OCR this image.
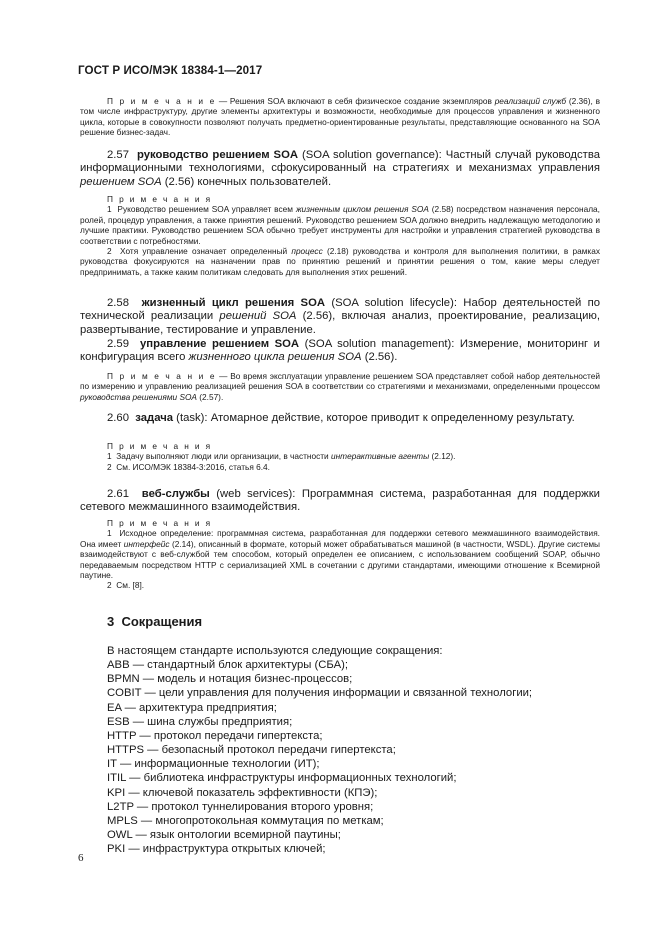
ГОСТ Р ИСО/МЭК 18384-1—2017
П р и м е ч а н и е — Решения SOA включают в себя физическое создание экземпляров реализаций служб (2.36), в том числе инфраструктуру, другие элементы архитектуры и возможности, необходимые для процессов управления и жизненного цикла, которые в совокупности позволяют получать предметно-ориентированные результаты, представляющие основанного на SOA решение бизнес-задач.
2.57 руководство решением SOA (SOA solution governance): Частный случай руководства информационными технологиями, сфокусированный на стратегиях и механизмах управления решением SOA (2.56) конечных пользователей.
П р и м е ч а н и я
1 Руководство решением SOA управляет всем жизненным циклом решения SOA (2.58) посредством назначения персонала, ролей, процедур управления, а также принятия решений. Руководство решением SOA должно внедрить надлежащую методологию и лучшие практики. Руководство решением SOA обычно требует инструменты для настройки и управления стратегией руководства в соответствии с потребностями.
2 Хотя управление означает определенный процесс (2.18) руководства и контроля для выполнения политики, в рамках руководства фокусируются на назначении прав по принятию решений и принятии решения о том, какие меры следует предпринимать, а также каким политикам следовать для выполнения этих решений.
2.58 жизненный цикл решения SOA (SOA solution lifecycle): Набор деятельностей по технической реализации решений SOA (2.56), включая анализ, проектирование, реализацию, развертывание, тестирование и управление.
2.59 управление решением SOA (SOA solution management): Измерение, мониторинг и конфигурация всего жизненного цикла решения SOA (2.56).
П р и м е ч а н и е — Во время эксплуатации управление решением SOA представляет собой набор деятельностей по измерению и управлению реализацией решения SOA в соответствии со стратегиями и механизмами, определенными процессом руководства решениями SOA (2.57).
2.60 задача (task): Атомарное действие, которое приводит к определенному результату.
П р и м е ч а н и я
1 Задачу выполняют люди или организации, в частности интерактивные агенты (2.12).
2 См. ИСО/МЭК 18384-3:2016, статья 6.4.
2.61 веб-службы (web services): Программная система, разработанная для поддержки сетевого межмашинного взаимодействия.
П р и м е ч а н и я
1 Исходное определение: программная система, разработанная для поддержки сетевого межмашинного взаимодействия. Она имеет интерфейс (2.14), описанный в формате, который может обрабатываться машиной (в частности, WSDL). Другие системы взаимодействуют с веб-службой тем способом, который определен ее описанием, с использованием сообщений SOAP, обычно передаваемым посредством HTTP с сериализацией XML в сочетании с другими стандартами, имеющими отношение к Всемирной паутине.
2 См. [8].
3 Сокращения
В настоящем стандарте используются следующие сокращения:
ABB — стандартный блок архитектуры (СБА);
BPMN — модель и нотация бизнес-процессов;
COBIT — цели управления для получения информации и связанной технологии;
EA — архитектура предприятия;
ESB — шина службы предприятия;
HTTP — протокол передачи гипертекста;
HTTPS — безопасный протокол передачи гипертекста;
IT — информационные технологии (ИТ);
ITIL — библиотека инфраструктуры информационных технологий;
KPI — ключевой показатель эффективности (КПЭ);
L2TP — протокол туннелирования второго уровня;
MPLS — многопротокольная коммутация по меткам;
OWL — язык онтологии всемирной паутины;
PKI — инфраструктура открытых ключей;
6
